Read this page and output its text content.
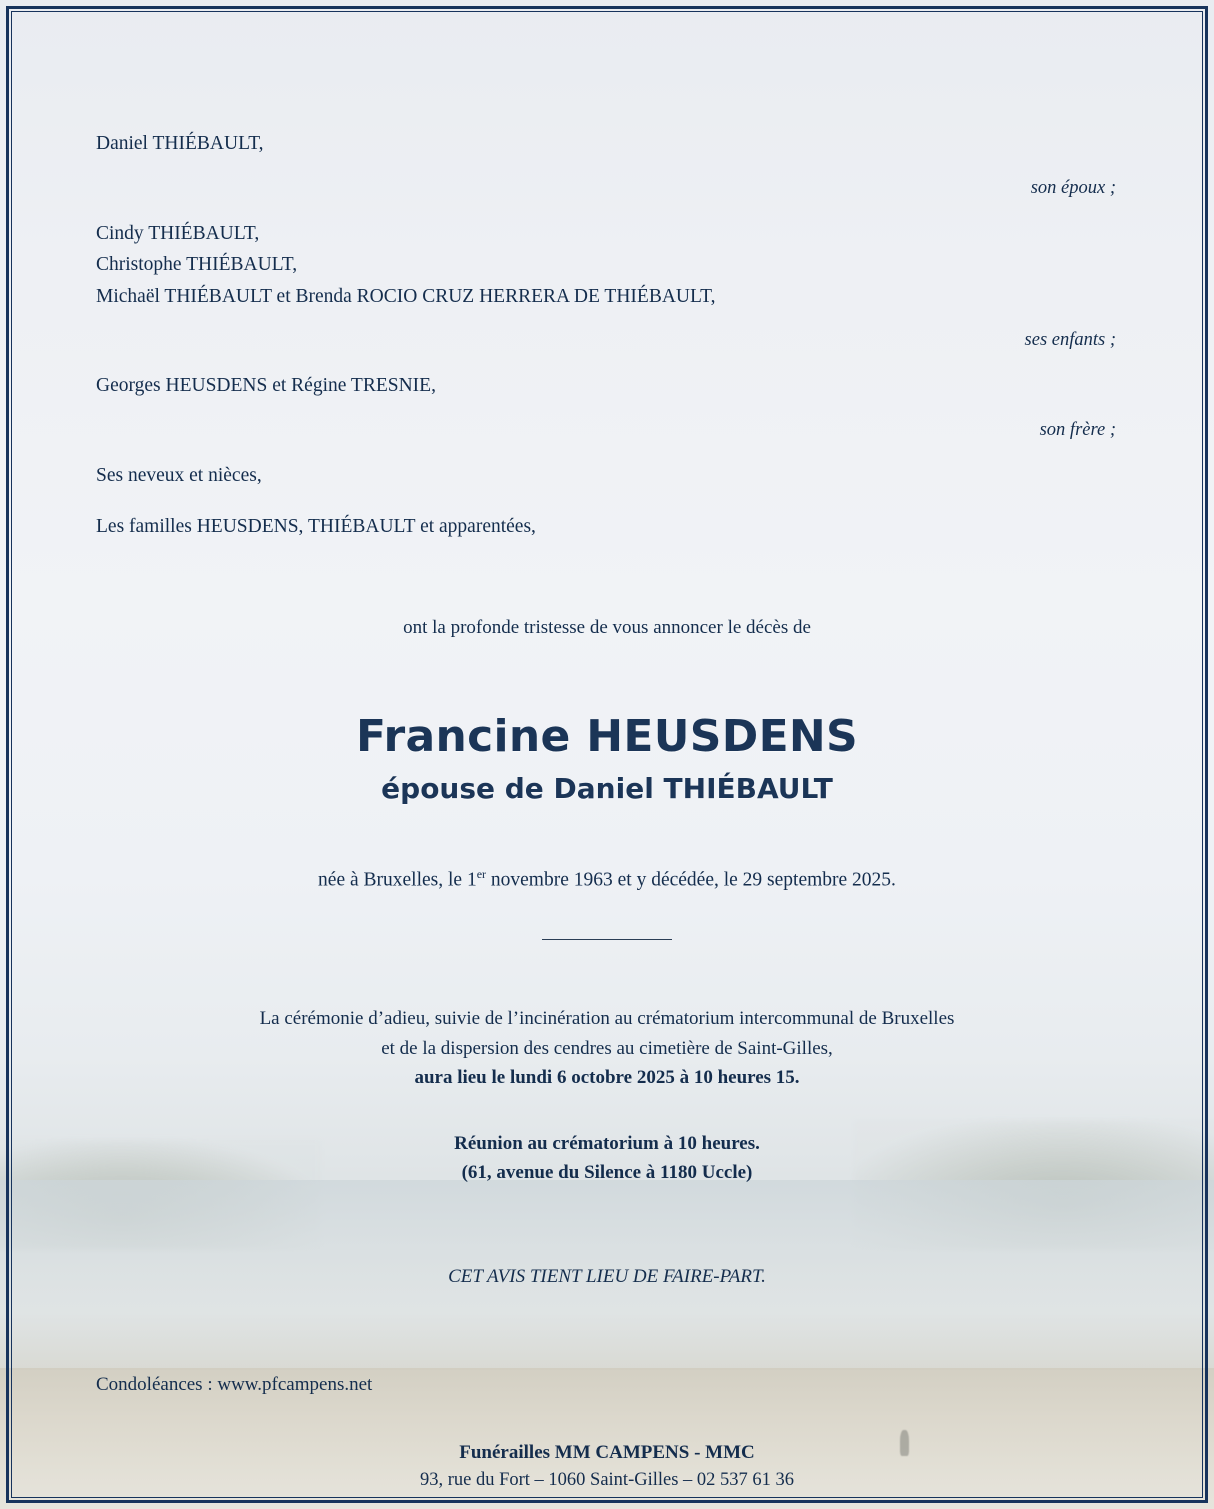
Daniel THIÉBAULT,
son époux ;
Cindy THIÉBAULT,
Christophe THIÉBAULT,
Michaël THIÉBAULT et Brenda ROCIO CRUZ HERRERA DE THIÉBAULT,
ses enfants ;
Georges HEUSDENS et Régine TRESNIE,
son frère ;
Ses neveux et nièces,
Les familles HEUSDENS, THIÉBAULT et apparentées,
ont la profonde tristesse de vous annoncer le décès de
Francine HEUSDENS
épouse de Daniel THIÉBAULT
née à Bruxelles, le 1er novembre 1963 et y décédée, le 29 septembre 2025.
La cérémonie d’adieu, suivie de l’incinération au crématorium intercommunal de Bruxelles
et de la dispersion des cendres au cimetière de Saint-Gilles,
aura lieu le lundi 6 octobre 2025 à 10 heures 15.
Réunion au crématorium à 10 heures.
(61, avenue du Silence à 1180 Uccle)
CET AVIS TIENT LIEU DE FAIRE-PART.
Condoléances : www.pfcampens.net
Funérailles MM CAMPENS - MMC
93, rue du Fort – 1060 Saint-Gilles – 02 537 61 36
